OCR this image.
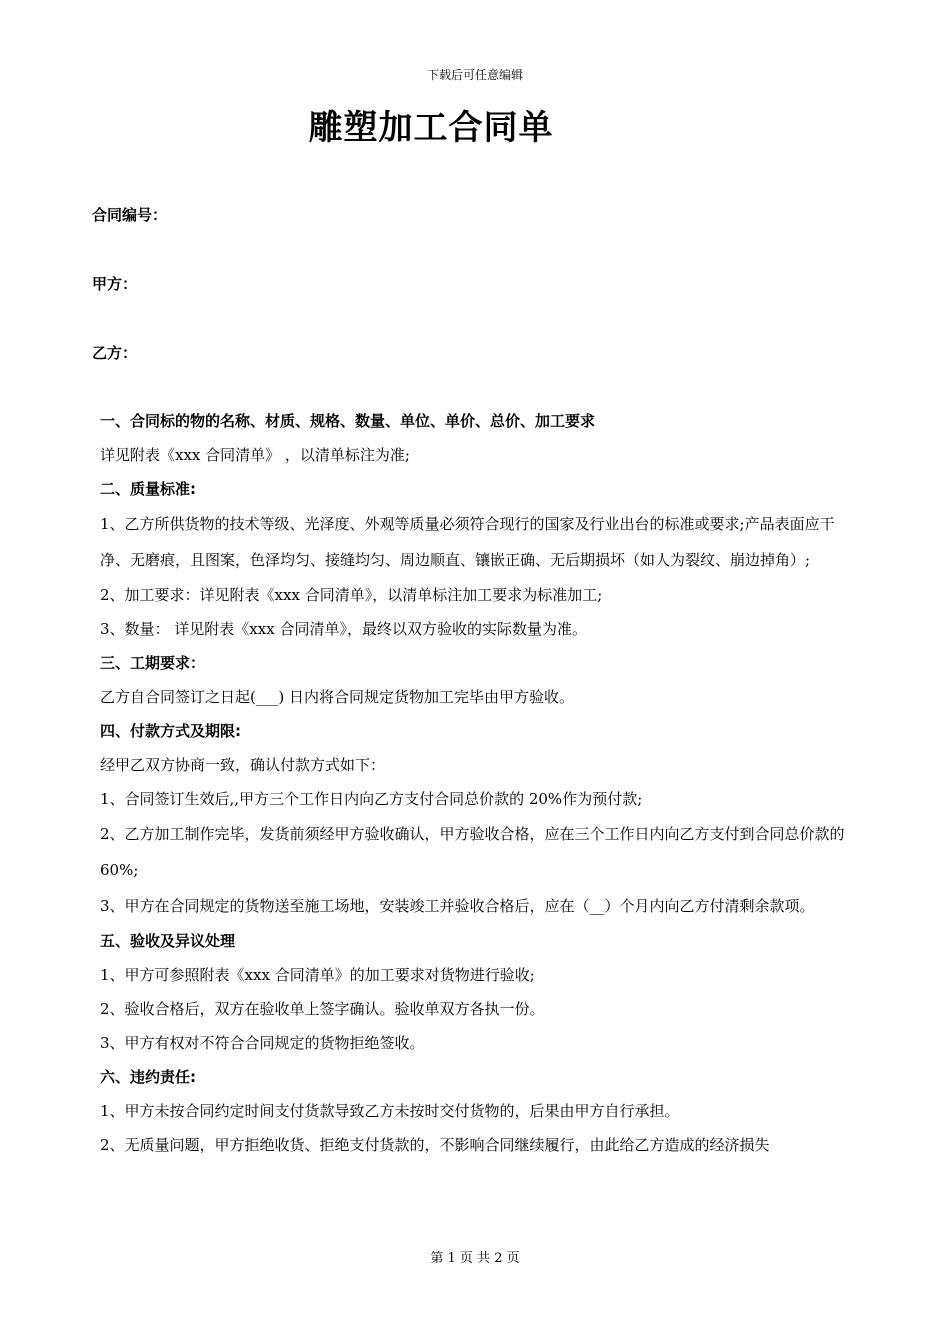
下载后可任意编辑
雕塑加工合同单
合同编号：
甲方：
乙方：
一、合同标的物的名称、材质、规格、数量、单位、单价、总价、加工要求
详见附表《xxx 合同清单》 ，以清单标注为准;
二、质量标准:
1、乙方所供货物的技术等级、光泽度、外观等质量必须符合现行的国家及行业出台的标准或要求;产品表面应干净、无磨痕，且图案，色泽均匀、接缝均匀、周边顺直、镶嵌正确、无后期损坏（如人为裂纹、崩边掉角）;
2、加工要求：详见附表《xxx 合同清单》，以清单标注加工要求为标准加工;
3、数量： 详见附表《xxx 合同清单》，最终以双方验收的实际数量为准。
三、工期要求：
乙方自合同签订之日起(___) 日内将合同规定货物加工完毕由甲方验收。
四、付款方式及期限:
经甲乙双方协商一致，确认付款方式如下：
1、合同签订生效后,,甲方三个工作日内向乙方支付合同总价款的 20%作为预付款;
2、乙方加工制作完毕，发货前须经甲方验收确认，甲方验收合格，应在三个工作日内向乙方支付到合同总价款的 60%;
3、甲方在合同规定的货物送至施工场地，安装竣工并验收合格后，应在（__）个月内向乙方付清剩余款项。
五、验收及异议处理
1、甲方可参照附表《xxx 合同清单》的加工要求对货物进行验收;
2、验收合格后，双方在验收单上签字确认。验收单双方各执一份。
3、甲方有权对不符合合同规定的货物拒绝签收。
六、违约责任:
1、甲方未按合同约定时间支付货款导致乙方未按时交付货物的，后果由甲方自行承担。
2、无质量问题，甲方拒绝收货、拒绝支付货款的，不影响合同继续履行，由此给乙方造成的经济损失
第 1 页 共 2 页
